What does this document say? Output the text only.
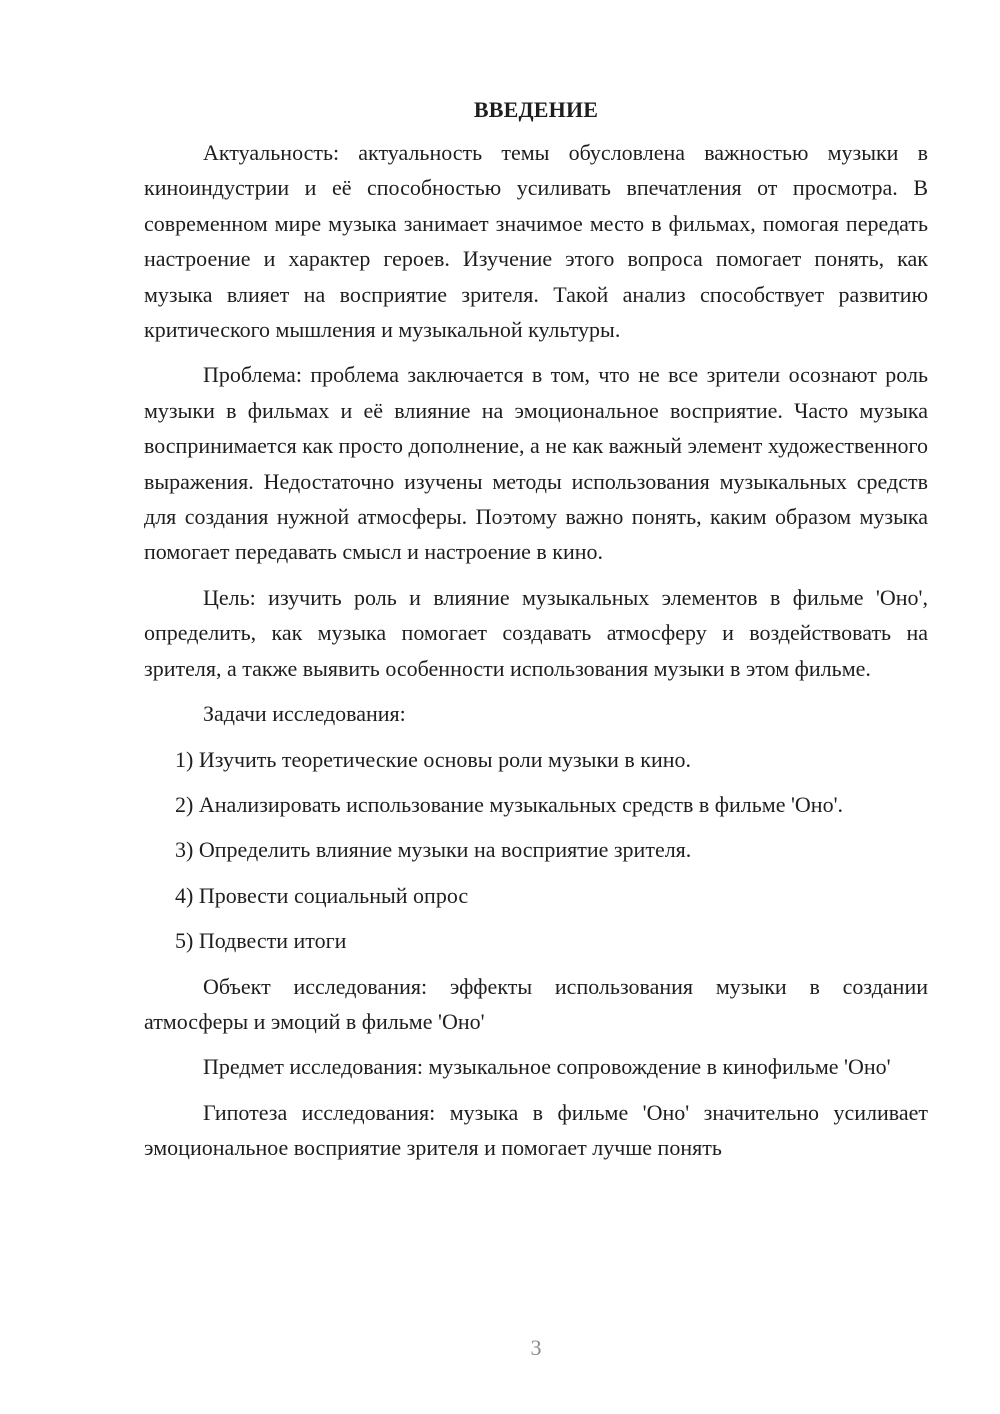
ВВЕДЕНИЕ

Актуальность: актуальность темы обусловлена важностью музыки в киноиндустрии и её способностью усиливать впечатления от просмотра. В современном мире музыка занимает значимое место в фильмах, помогая передать настроение и характер героев. Изучение этого вопроса помогает понять, как музыка влияет на восприятие зрителя. Такой анализ способствует развитию критического мышления и музыкальной культуры.

Проблема: проблема заключается в том, что не все зрители осознают роль музыки в фильмах и её влияние на эмоциональное восприятие. Часто музыка воспринимается как просто дополнение, а не как важный элемент художественного выражения. Недостаточно изучены методы использования музыкальных средств для создания нужной атмосферы. Поэтому важно понять, каким образом музыка помогает передавать смысл и настроение в кино.

Цель: изучить роль и влияние музыкальных элементов в фильме 'Оно', определить, как музыка помогает создавать атмосферу и воздействовать на зрителя, а также выявить особенности использования музыки в этом фильме.

Задачи исследования:

1) Изучить теоретические основы роли музыки в кино.

2) Анализировать использование музыкальных средств в фильме 'Оно'.

3) Определить влияние музыки на восприятие зрителя.

4) Провести социальный опрос

5) Подвести итоги

Объект исследования: эффекты использования музыки в создании атмосферы и эмоций в фильме 'Оно'

Предмет исследования: музыкальное сопровождение в кинофильме 'Оно'

Гипотеза исследования: музыка в фильме 'Оно' значительно усиливает эмоциональное восприятие зрителя и помогает лучше понять

3
